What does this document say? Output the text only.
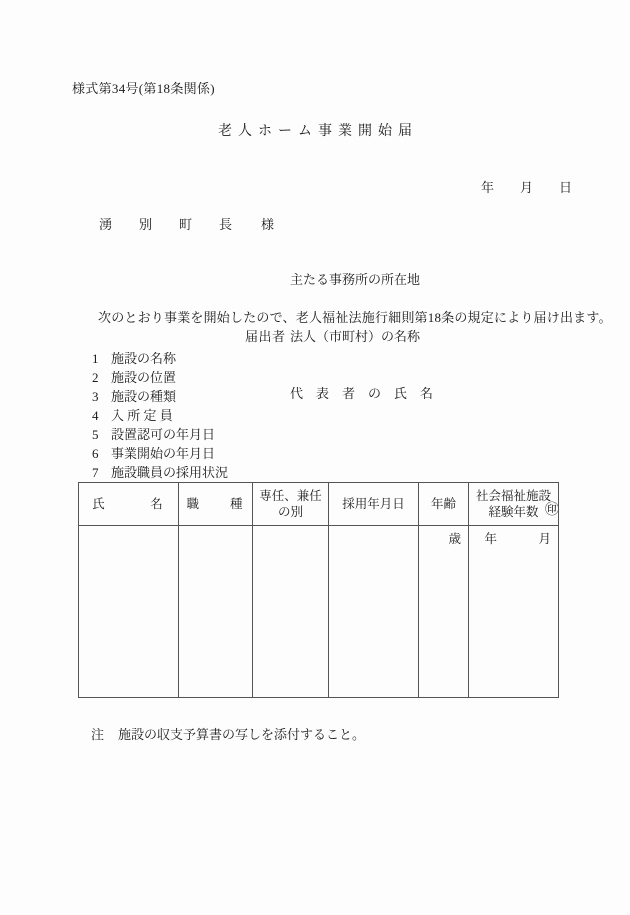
様式第34号(第18条関係)
老人ホーム事業開始届

年 月 日

湧　別　町　長 様

主たる事務所の所在地

届出者 法人（市町村）の名称

代　表　者　の　氏　名
㊞

次のとおり事業を開始したので、老人福祉法施行細則第18条の規定により届け出ます。
1 施設の名称
2 施設の位置
3 施設の種類
4 入 所 定 員
5 設置認可の年月日
6 事業開始の年月日
7 施設職員の採用状況
氏　　　名	職　　種	専任、兼任
の別	採用年月日	年齢	社会福祉施設
経験年数

				歳	年 月

注 施設の収支予算書の写しを添付すること。
